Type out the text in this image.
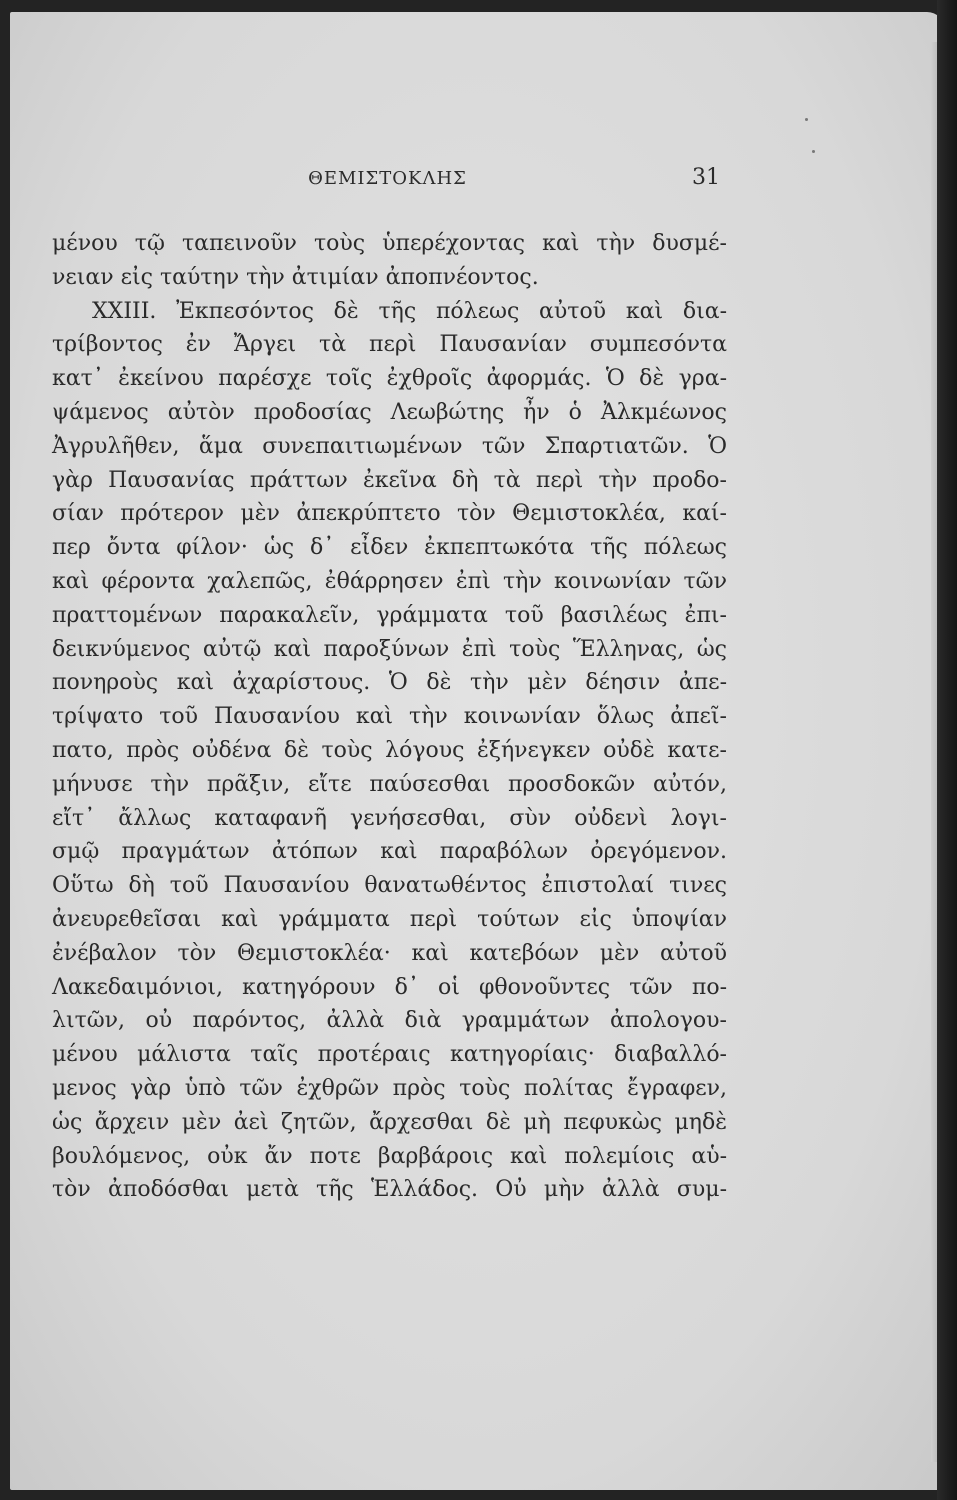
ΘΕΜΙΣΤΟΚΛΗΣ	31
μένου τῷ ταπεινοῦν τοὺς ὑπερέχοντας καὶ τὴν δυσμέ-
νειαν εἰς ταύτην τὴν ἀτιμίαν ἀποπνέοντος.
XXIII. Ἐκπεσόντος δὲ τῆς πόλεως αὐτοῦ καὶ δια-
τρίβοντος ἐν Ἄργει τὰ περὶ Παυσανίαν συμπεσόντα
κατ᾽ ἐκείνου παρέσχε τοῖς ἐχθροῖς ἀφορμάς. Ὁ δὲ γρα-
ψάμενος αὐτὸν προδοσίας Λεωβώτης ἦν ὁ Ἀλκμέωνος
Ἀγρυλῆθεν, ἅμα συνεπαιτιωμένων τῶν Σπαρτιατῶν. Ὁ
γὰρ Παυσανίας πράττων ἐκεῖνα δὴ τὰ περὶ τὴν προδο-
σίαν πρότερον μὲν ἀπεκρύπτετο τὸν Θεμιστοκλέα, καί-
περ ὄντα φίλον· ὡς δ᾽ εἶδεν ἐκπεπτωκότα τῆς πόλεως
καὶ φέροντα χαλεπῶς, ἐθάρρησεν ἐπὶ τὴν κοινωνίαν τῶν
πραττομένων παρακαλεῖν, γράμματα τοῦ βασιλέως ἐπι-
δεικνύμενος αὐτῷ καὶ παροξύνων ἐπὶ τοὺς Ἕλληνας, ὡς
πονηροὺς καὶ ἀχαρίστους. Ὁ δὲ τὴν μὲν δέησιν ἀπε-
τρίψατο τοῦ Παυσανίου καὶ τὴν κοινωνίαν ὅλως ἀπεῖ-
πατο, πρὸς οὐδένα δὲ τοὺς λόγους ἐξήνεγκεν οὐδὲ κατε-
μήνυσε τὴν πρᾶξιν, εἴτε παύσεσθαι προσδοκῶν αὐτόν,
εἴτ᾽ ἄλλως καταφανῆ γενήσεσθαι, σὺν οὐδενὶ λογι-
σμῷ πραγμάτων ἀτόπων καὶ παραβόλων ὀρεγόμενον.
Οὕτω δὴ τοῦ Παυσανίου θανατωθέντος ἐπιστολαί τινες
ἀνευρεθεῖσαι καὶ γράμματα περὶ τούτων εἰς ὑποψίαν
ἐνέβαλον τὸν Θεμιστοκλέα· καὶ κατεβόων μὲν αὐτοῦ
Λακεδαιμόνιοι, κατηγόρουν δ᾽ οἱ φθονοῦντες τῶν πο-
λιτῶν, οὐ παρόντος, ἀλλὰ διὰ γραμμάτων ἀπολογου-
μένου μάλιστα ταῖς προτέραις κατηγορίαις· διαβαλλό-
μενος γὰρ ὑπὸ τῶν ἐχθρῶν πρὸς τοὺς πολίτας ἔγραφεν,
ὡς ἄρχειν μὲν ἀεὶ ζητῶν, ἄρχεσθαι δὲ μὴ πεφυκὼς μηδὲ
βουλόμενος, οὐκ ἄν ποτε βαρβάροις καὶ πολεμίοις αὑ-
τὸν ἀποδόσθαι μετὰ τῆς Ἑλλάδος. Οὐ μὴν ἀλλὰ συμ-
